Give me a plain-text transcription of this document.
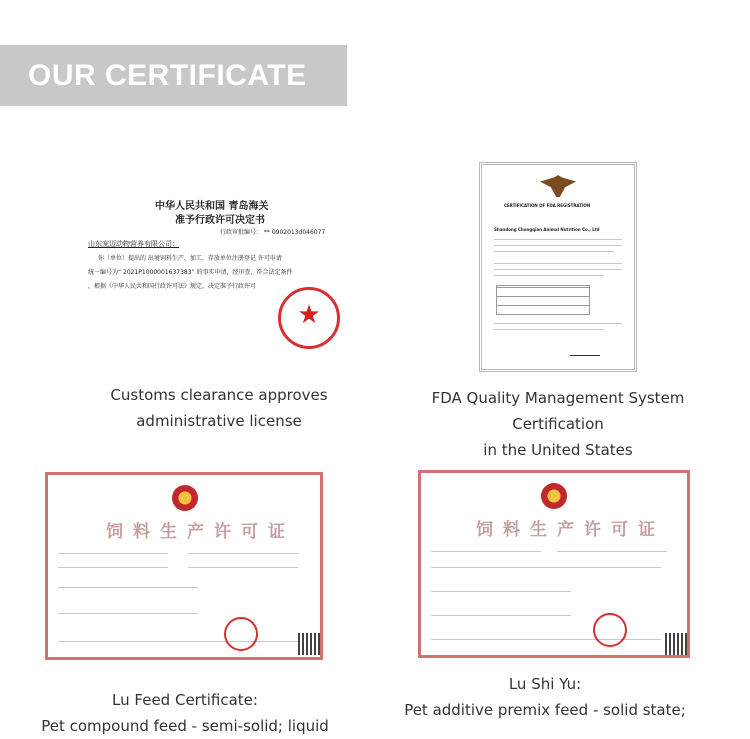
OUR CERTIFICATE
中华人民共和国 青岛海关
准予行政许可决定书
行政审批编号： ** 0902013d046077
山东宠迈动物营养有限公司：
你（单位）提出的 出境饲料生产、加工、存放单位注册登记 许可申请
统一编号为“ 2021P1000001637383” 的事实申请，经审查，符合法定条件
，根据《中华人民共和国行政许可法》规定，决定准予行政许可
★
Customs clearance approves
administrative license
CERTIFICATION OF FDA REGISTRATION
Shandong Chongqian Animal Nutrition Co., Ltd
FDA Quality Management System Certification
in the United States
饲料生产许可证
Lu Feed Certificate:
Pet compound feed - semi-solid; liquid
饲料生产许可证
Lu Shi Yu:
Pet additive premix feed - solid state;
